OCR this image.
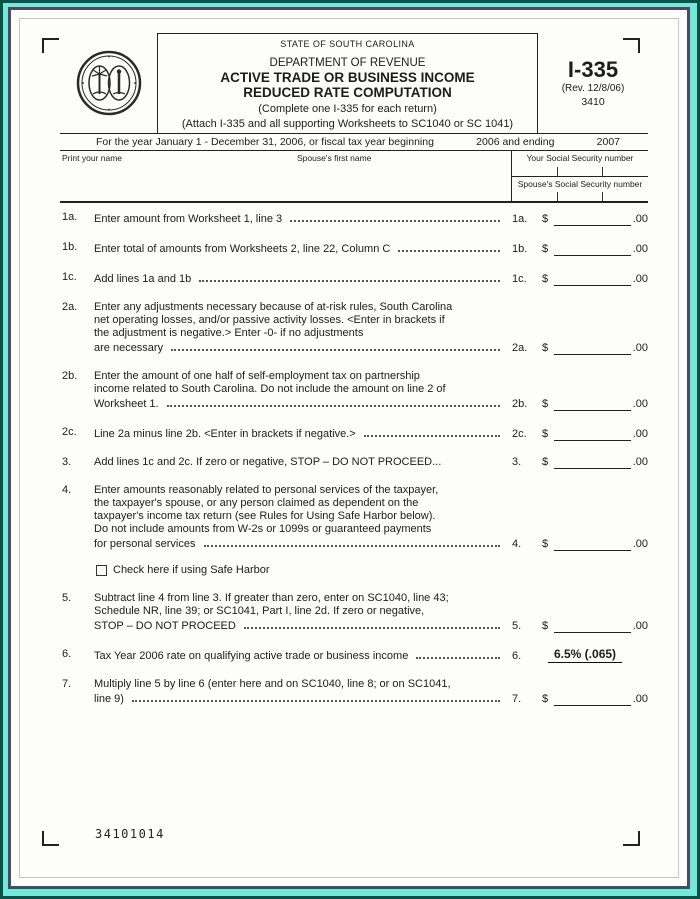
STATE OF SOUTH CAROLINA
DEPARTMENT OF REVENUE
ACTIVE TRADE OR BUSINESS INCOME
REDUCED RATE COMPUTATION
(Complete one I-335 for each return)
(Attach I-335 and all supporting Worksheets to SC1040 or SC 1041)
I-335
(Rev. 12/8/06)
3410
For the year January 1 - December 31, 2006, or fiscal tax year beginning	2006 and ending	2007
Print your name	Spouse's first name	Your Social Security number
Spouse's Social Security number
1a.	Enter amount from Worksheet 1, line 3	1a.	$	.00
1b.	Enter total of amounts from Worksheets 2, line 22, Column C	1b.	$	.00
1c.	Add lines 1a and 1b	1c.	$	.00
2a.	Enter any adjustments necessary because of at-risk rules, South Carolina
net operating losses, and/or passive activity losses. <Enter in brackets if
the adjustment is negative.> Enter -0- if no adjustments
are necessary	2a.	$	.00
2b.	Enter the amount of one half of self-employment tax on partnership
income related to South Carolina. Do not include the amount on line 2 of
Worksheet 1.	2b.	$	.00
2c.	Line 2a minus line 2b. <Enter in brackets if negative.>	2c.	$	.00
3.	Add lines 1c and 2c. If zero or negative, STOP – DO NOT PROCEED...	3.	$	.00
4.	Enter amounts reasonably related to personal services of the taxpayer,
the taxpayer's spouse, or any person claimed as dependent on the
taxpayer's income tax return (see Rules for Using Safe Harbor below).
Do not include amounts from W-2s or 1099s or guaranteed payments
for personal services	4.	$	.00
Check here if using Safe Harbor
5.	Subtract line 4 from line 3. If greater than zero, enter on SC1040, line 43;
Schedule NR, line 39; or SC1041, Part I, line 2d. If zero or negative,
STOP – DO NOT PROCEED	5.	$	.00
6.	Tax Year 2006 rate on qualifying active trade or business income	6.	6.5% (.065)
7.	Multiply line 5 by line 6 (enter here and on SC1040, line 8; or on SC1041,
line 9)	7.	$	.00
34101014
